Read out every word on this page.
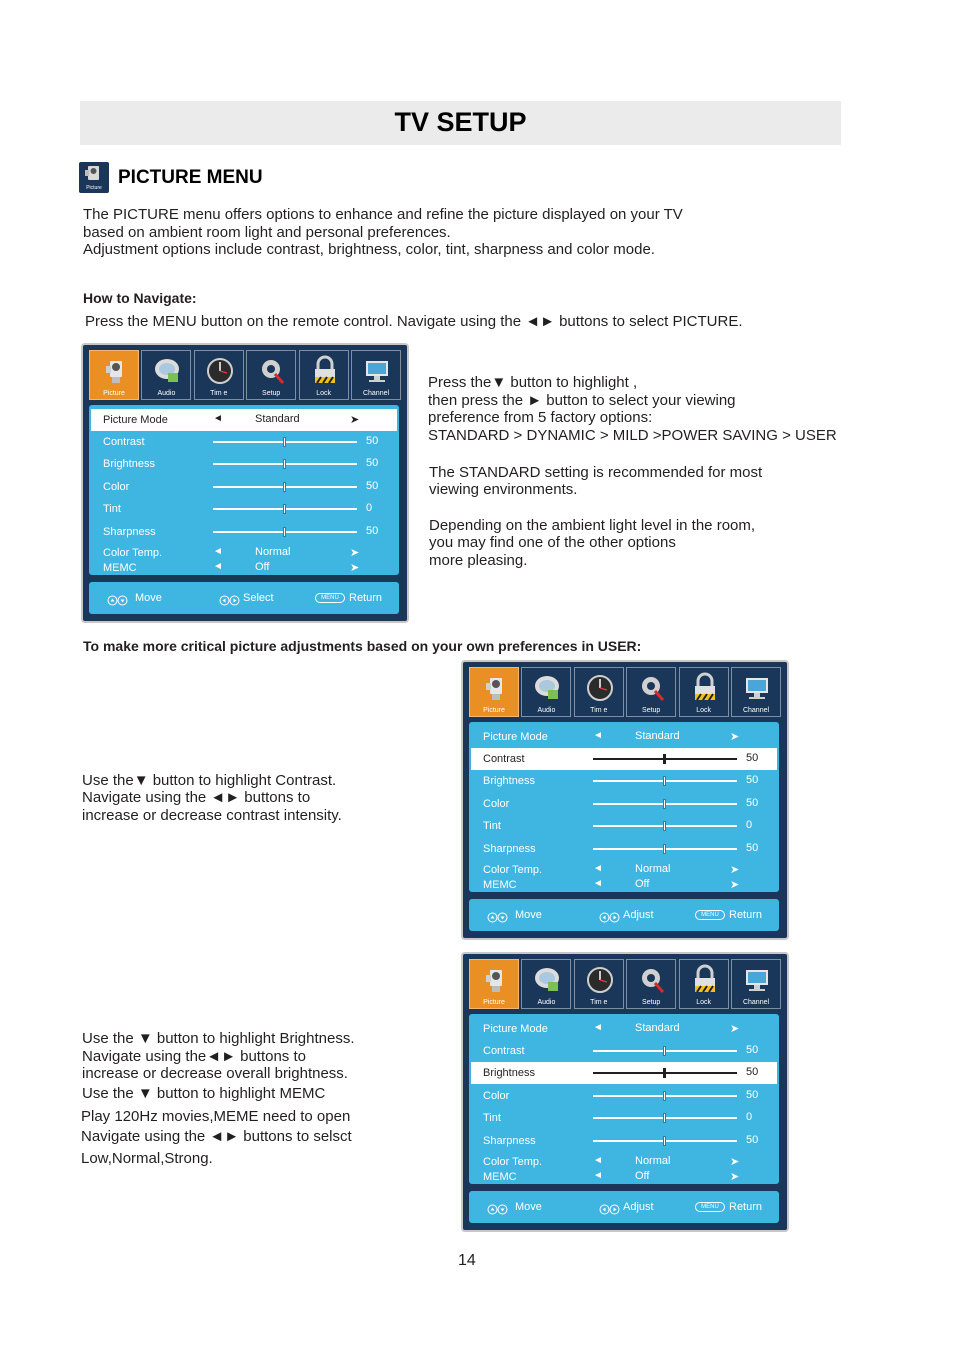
TV SETUP
Picture PICTURE MENU
The PICTURE menu offers options to enhance and refine the picture displayed on your TV
based on ambient room light and personal preferences.
Adjustment options include contrast, brightness, color, tint, sharpness and color mode.
How to Navigate:
Press the MENU button on the remote control. Navigate using the ◄► buttons to select PICTURE.
Press the▼ button to highlight ,
then press the ► button to select your viewing
preference from 5 factory options:
STANDARD > DYNAMIC > MILD >POWER SAVING > USER
The STANDARD setting is recommended for most
viewing environments.
Depending on the ambient light level in the room,
you may find one of the other options
more pleasing.
To make more critical picture adjustments based on your own preferences in USER:
Use the▼ button to highlight Contrast.
Navigate using the ◄► buttons to
increase or decrease contrast intensity.
Use the ▼ button to highlight Brightness.
Navigate using the◄► buttons to
increase or decrease overall brightness.
Use the ▼ button to highlight MEMC
Play 120Hz movies,MEME need to open
Navigate using the ◄► buttons to selsct
Low,Normal,Strong.
Picture	Audio	Tim e	Setup	Lock	Channel
Picture Mode	◄	Standard	➤
Contrast	50
Brightness	50
Color	50
Tint	0
Sharpness	50
Color Temp.	◄	Normal	➤
MEMC	◄	Off	➤
Move	Select	MENU Return
Picture	Audio	Tim e	Setup	Lock	Channel
Picture Mode	◄	Standard	➤
Contrast	50
Brightness	50
Color	50
Tint	0
Sharpness	50
Color Temp.	◄	Normal	➤
MEMC	◄	Off	➤
Move	Adjust	MENU Return
Picture	Audio	Tim e	Setup	Lock	Channel
Picture Mode	◄	Standard	➤
Contrast	50
Brightness	50
Color	50
Tint	0
Sharpness	50
Color Temp.	◄	Normal	➤
MEMC	◄	Off	➤
Move	Adjust	MENU Return
14
